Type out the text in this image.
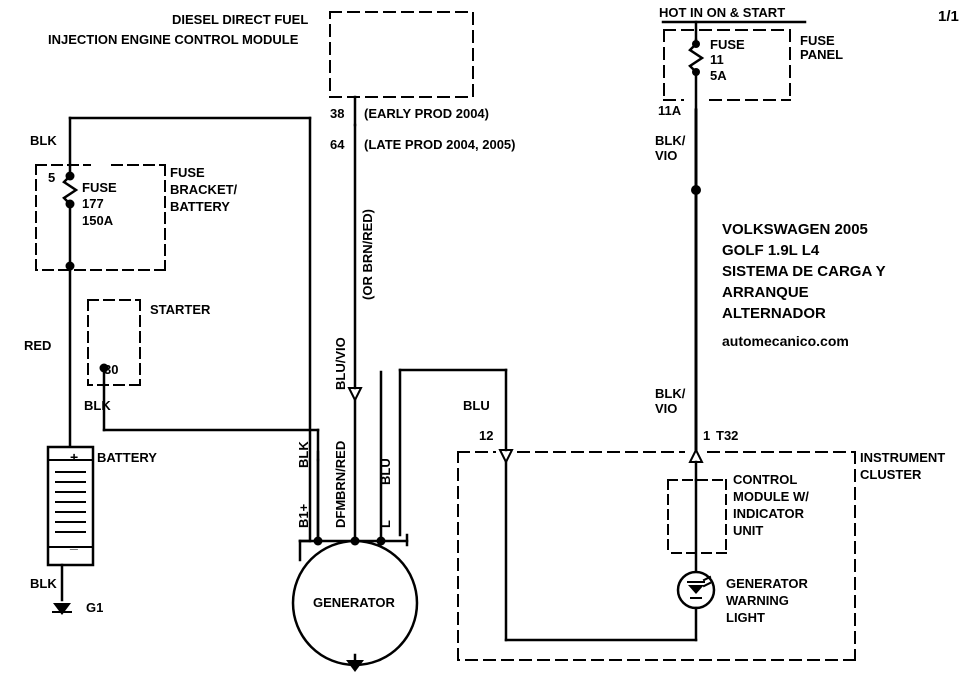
DIESEL DIRECT FUEL
INJECTION ENGINE CONTROL MODULE
HOT IN ON & START
FUSE
PANEL
FUSE
11
5A
11A
BLK/
VIO
BLK/
VIO
38 (EARLY PROD 2004)
64 (LATE PROD 2004, 2005)
BLK
FUSE
BRACKET/
BATTERY
5
FUSE
177
150A
STARTER
30
RED
BLK
+
_
BATTERY
BLK
G1
B1+
BLK
DFM
BRN/RED
BLU/VIO
(OR BRN/RED)
L
BLU
BLU
GENERATOR
12	1 T32
INSTRUMENT
CLUSTER
CONTROL
MODULE W/
INDICATOR
UNIT
GENERATOR
WARNING
LIGHT
VOLKSWAGEN 2005
GOLF 1.9L L4
SISTEMA DE CARGA Y
ARRANQUE
ALTERNADOR
automecanico.com
1/1
